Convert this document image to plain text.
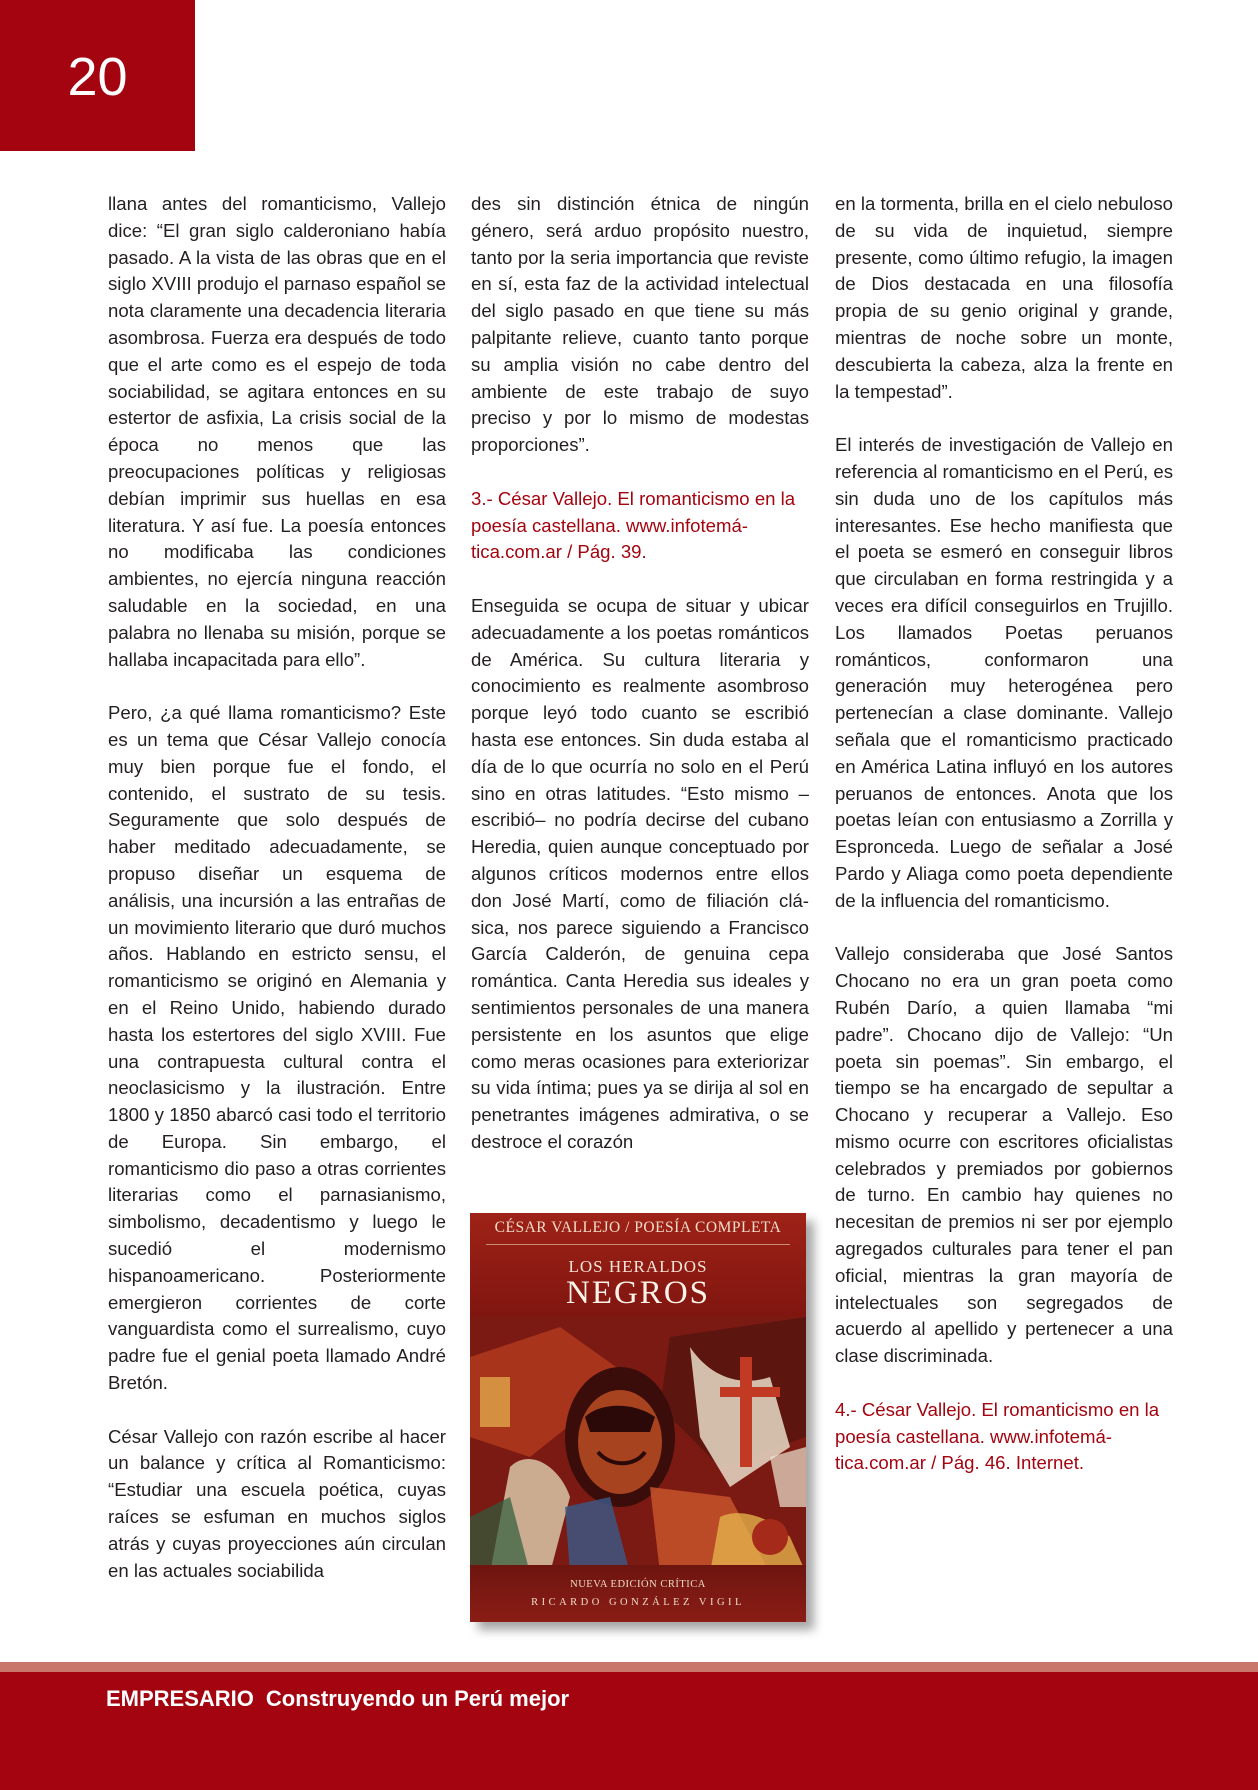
20

llana antes del romanticismo, Vallejo dice: “El gran siglo calderoniano había pasado. A la vista de las obras que en el siglo XVIII produjo el parnaso español se nota claramente una decadencia literaria asombrosa. Fuerza era después de todo que el arte como es el espejo de toda sociabilidad, se agitara entonces en su estertor de asfixia, La crisis social de la época no menos que las preocupaciones políticas y religiosas debían imprimir sus huellas en esa literatura. Y así fue. La poesía entonces no modificaba las condiciones ambientes, no ejercía ninguna reacción saludable en la sociedad, en una palabra no llenaba su misión, porque se hallaba incapacitada para ello”.

Pero, ¿a qué llama romanticismo? Este es un tema que César Vallejo conocía muy bien porque fue el fondo, el contenido, el sustrato de su tesis. Seguramente que solo después de haber meditado adecuadamente, se propuso diseñar un esquema de análisis, una incursión a las entrañas de un movimiento literario que duró muchos años. Hablando en estricto sensu, el romanticismo se originó en Alemania y en el Reino Unido, habiendo durado hasta los estertores del siglo XVIII. Fue una contrapuesta cultural contra el neoclasicismo y la ilustración. Entre 1800 y 1850 abarcó casi todo el territorio de Europa. Sin embargo, el romanticismo dio paso a otras corrientes literarias como el parnasianismo, simbolismo, decadentismo y luego le sucedió el modernismo hispanoamericano. Posteriormente emergieron corrientes de corte vanguardista como el surrealismo, cuyo padre fue el genial poeta llamado André Bretón.

César Vallejo con razón escribe al hacer un balance y crítica al Romanticismo: “Estudiar una escuela poética, cuyas raíces se esfuman en muchos siglos atrás y cuyas proyecciones aún circulan en las actuales sociabilida

des sin distinción étnica de ningún género, será arduo propósito nuestro, tanto por la seria importancia que reviste en sí, esta faz de la actividad intelectual del siglo pasado en que tiene su más palpitante relieve, cuanto tanto porque su amplia visión no cabe dentro del ambiente de este trabajo de suyo preciso y por lo mismo de modestas proporciones”.

3.- César Vallejo. El romanticismo en la poesía castellana. www.infotemática.com.ar / Pág. 39.

Enseguida se ocupa de situar y ubicar adecuadamente a los poetas románticos de América. Su cultura literaria y conocimiento es realmente asombroso porque leyó todo cuanto se escribió hasta ese entonces. Sin duda estaba al día de lo que ocurría no solo en el Perú sino en otras latitudes. “Esto mismo –escribió– no podría decirse del cubano Heredia, quien aunque conceptuado por algunos críticos modernos entre ellos don José Martí, como de filiación clásica, nos parece siguiendo a Francisco García Calderón, de genuina cepa romántica. Canta Heredia sus ideales y sentimientos personales de una manera persistente en los asuntos que elige como meras ocasiones para exteriorizar su vida íntima; pues ya se dirija al sol en penetrantes imágenes admirativa, o se destroce el corazón

en la tormenta, brilla en el cielo nebuloso de su vida de inquietud, siempre presente, como último refugio, la imagen de Dios destacada en una filosofía propia de su genio original y grande, mientras de noche sobre un monte, descubierta la cabeza, alza la frente en la tempestad”.

El interés de investigación de Vallejo en referencia al romanticismo en el Perú, es sin duda uno de los capítulos más interesantes. Ese hecho manifiesta que el poeta se esmeró en conseguir libros que circulaban en forma restringida y a veces era difícil conseguirlos en Trujillo. Los llamados Poetas peruanos románticos, conformaron una generación muy heterogénea pero pertenecían a clase dominante. Vallejo señala que el romanticismo practicado en América Latina influyó en los autores peruanos de entonces. Anota que los poetas leían con entusiasmo a Zorrilla y Espronceda. Luego de señalar a José Pardo y Aliaga como poeta dependiente de la influencia del romanticismo.

Vallejo consideraba que José Santos Chocano no era un gran poeta como Rubén Darío, a quien llamaba “mi padre”. Chocano dijo de Vallejo: “Un poeta sin poemas”. Sin embargo, el tiempo se ha encargado de sepultar a Chocano y recuperar a Vallejo. Eso mismo ocurre con escritores oficialistas celebrados y premiados por gobiernos de turno. En cambio hay quienes no necesitan de premios ni ser por ejemplo agregados culturales para tener el pan oficial, mientras la gran mayoría de intelectuales son segregados de acuerdo al apellido y pertenecer a una clase discriminada.

4.- César Vallejo. El romanticismo en la poesía castellana. www.infotemática.com.ar / Pág. 46. Internet.

CÉSAR VALLEJO / POESÍA COMPLETA
LOS HERALDOS
NEGROS
NUEVA EDICIÓN CRÍTICA
RICARDO GONZÁLEZ VIGIL
EMPRESARIO Construyendo un Perú mejor
